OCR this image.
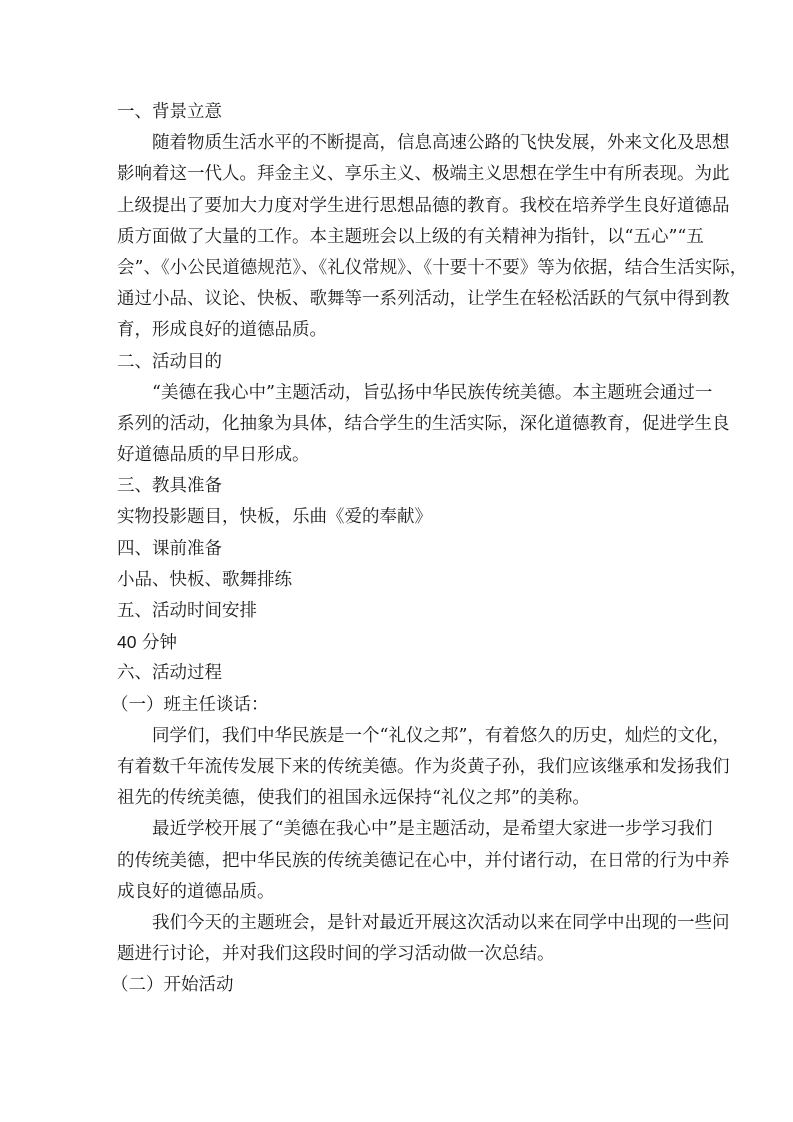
一、背景立意
随着物质生活水平的不断提高，信息高速公路的飞快发展，外来文化及思想
影响着这一代人。拜金主义、享乐主义、极端主义思想在学生中有所表现。为此
上级提出了要加大力度对学生进行思想品德的教育。我校在培养学生良好道德品
质方面做了大量的工作。本主题班会以上级的有关精神为指针，以“五心”“五
会”、《小公民道德规范》、《礼仪常规》、《十要十不要》等为依据，结合生活实际，
通过小品、议论、快板、歌舞等一系列活动，让学生在轻松活跃的气氛中得到教
育，形成良好的道德品质。
二、活动目的
“美德在我心中”主题活动，旨弘扬中华民族传统美德。本主题班会通过一
系列的活动，化抽象为具体，结合学生的生活实际，深化道德教育，促进学生良
好道德品质的早日形成。
三、教具准备
实物投影题目，快板，乐曲《爱的奉献》
四、课前准备
小品、快板、歌舞排练
五、活动时间安排
40 分钟
六、活动过程
（一）班主任谈话：
同学们，我们中华民族是一个“礼仪之邦”，有着悠久的历史，灿烂的文化，
有着数千年流传发展下来的传统美德。作为炎黄子孙，我们应该继承和发扬我们
祖先的传统美德，使我们的祖国永远保持“礼仪之邦”的美称。
最近学校开展了“美德在我心中”是主题活动，是希望大家进一步学习我们
的传统美德，把中华民族的传统美德记在心中，并付诸行动，在日常的行为中养
成良好的道德品质。
我们今天的主题班会，是针对最近开展这次活动以来在同学中出现的一些问
题进行讨论，并对我们这段时间的学习活动做一次总结。
（二）开始活动
